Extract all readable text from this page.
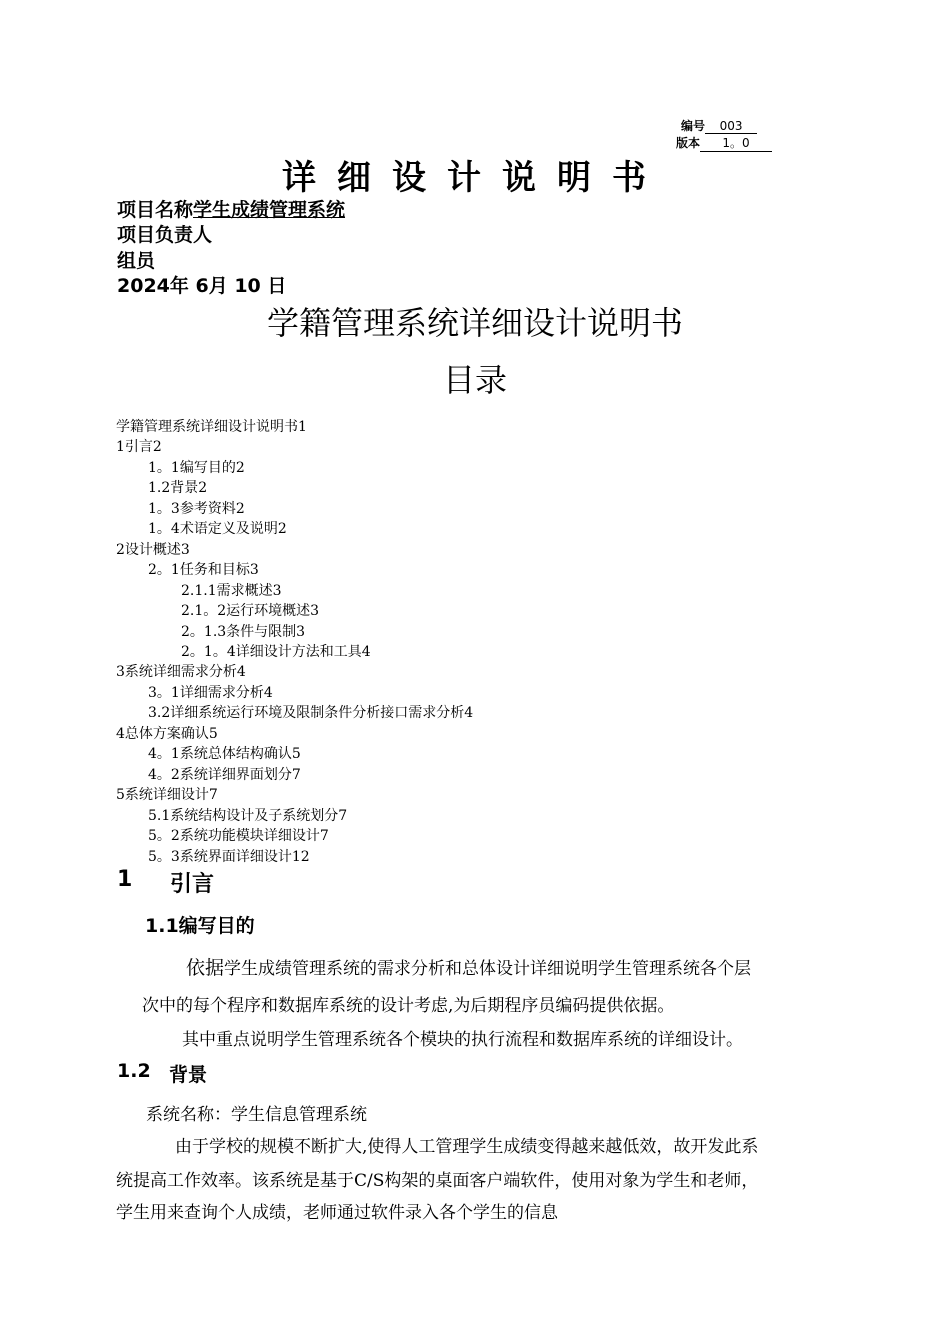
编号 003
版本 1。0
详细设计说明书
项目名称学生成绩管理系统
项目负责人
组员
2024年 6月 10 日
学籍管理系统详细设计说明书
目录
学籍管理系统详细设计说明书1
1引言2
1。1编写目的2
1.2背景2
1。3参考资料2
1。4术语定义及说明2
2设计概述3
2。1任务和目标3
2.1.1需求概述3
2.1。2运行环境概述3
2。1.3条件与限制3
2。1。4详细设计方法和工具4
3系统详细需求分析4
3。1详细需求分析4
3.2详细系统运行环境及限制条件分析接口需求分析4
4总体方案确认5
4。1系统总体结构确认5
4。2系统详细界面划分7
5系统详细设计7
5.1系统结构设计及子系统划分7
5。2系统功能模块详细设计7
5。3系统界面详细设计12
1 引言
1.1编写目的
依据学生成绩管理系统的需求分析和总体设计详细说明学生管理系统各个层
次中的每个程序和数据库系统的设计考虑,为后期程序员编码提供依据。
其中重点说明学生管理系统各个模块的执行流程和数据库系统的详细设计。
1.2 背景
系统名称：学生信息管理系统
由于学校的规模不断扩大,使得人工管理学生成绩变得越来越低效，故开发此系
统提高工作效率。该系统是基于C/S构架的桌面客户端软件，使用对象为学生和老师，
学生用来查询个人成绩，老师通过软件录入各个学生的信息
